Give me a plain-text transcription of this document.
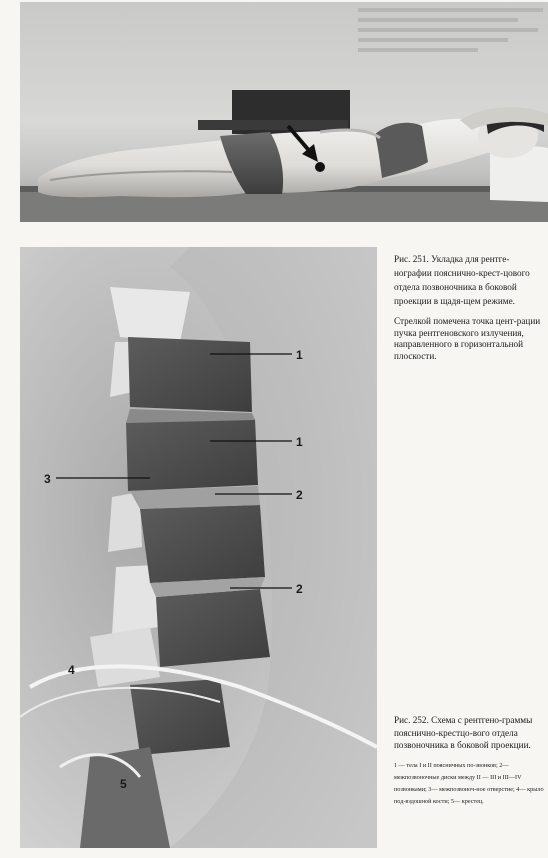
1
1
2
2
3
4
5

Рис. 251. Укладка для рентге-нографии пояснично-крест-цового отдела позвоночника в боковой проекции в щадя-щем режиме.

Стрелкой помечена точка цент-рации пучка рентгеновского излучения, направленного в горизонтальной плоскости.

Рис. 252. Схема с рентгено-граммы пояснично-крестцо-вого отдела позвоночника в боковой проекции.

1 — тела I и II поясничных по-звонков; 2— межпозвоночные диски между II — III и III—IV позвонками; 3— межпозвоноч-ное отверстие; 4— крыло под-вздошной кости; 5— крестец.
